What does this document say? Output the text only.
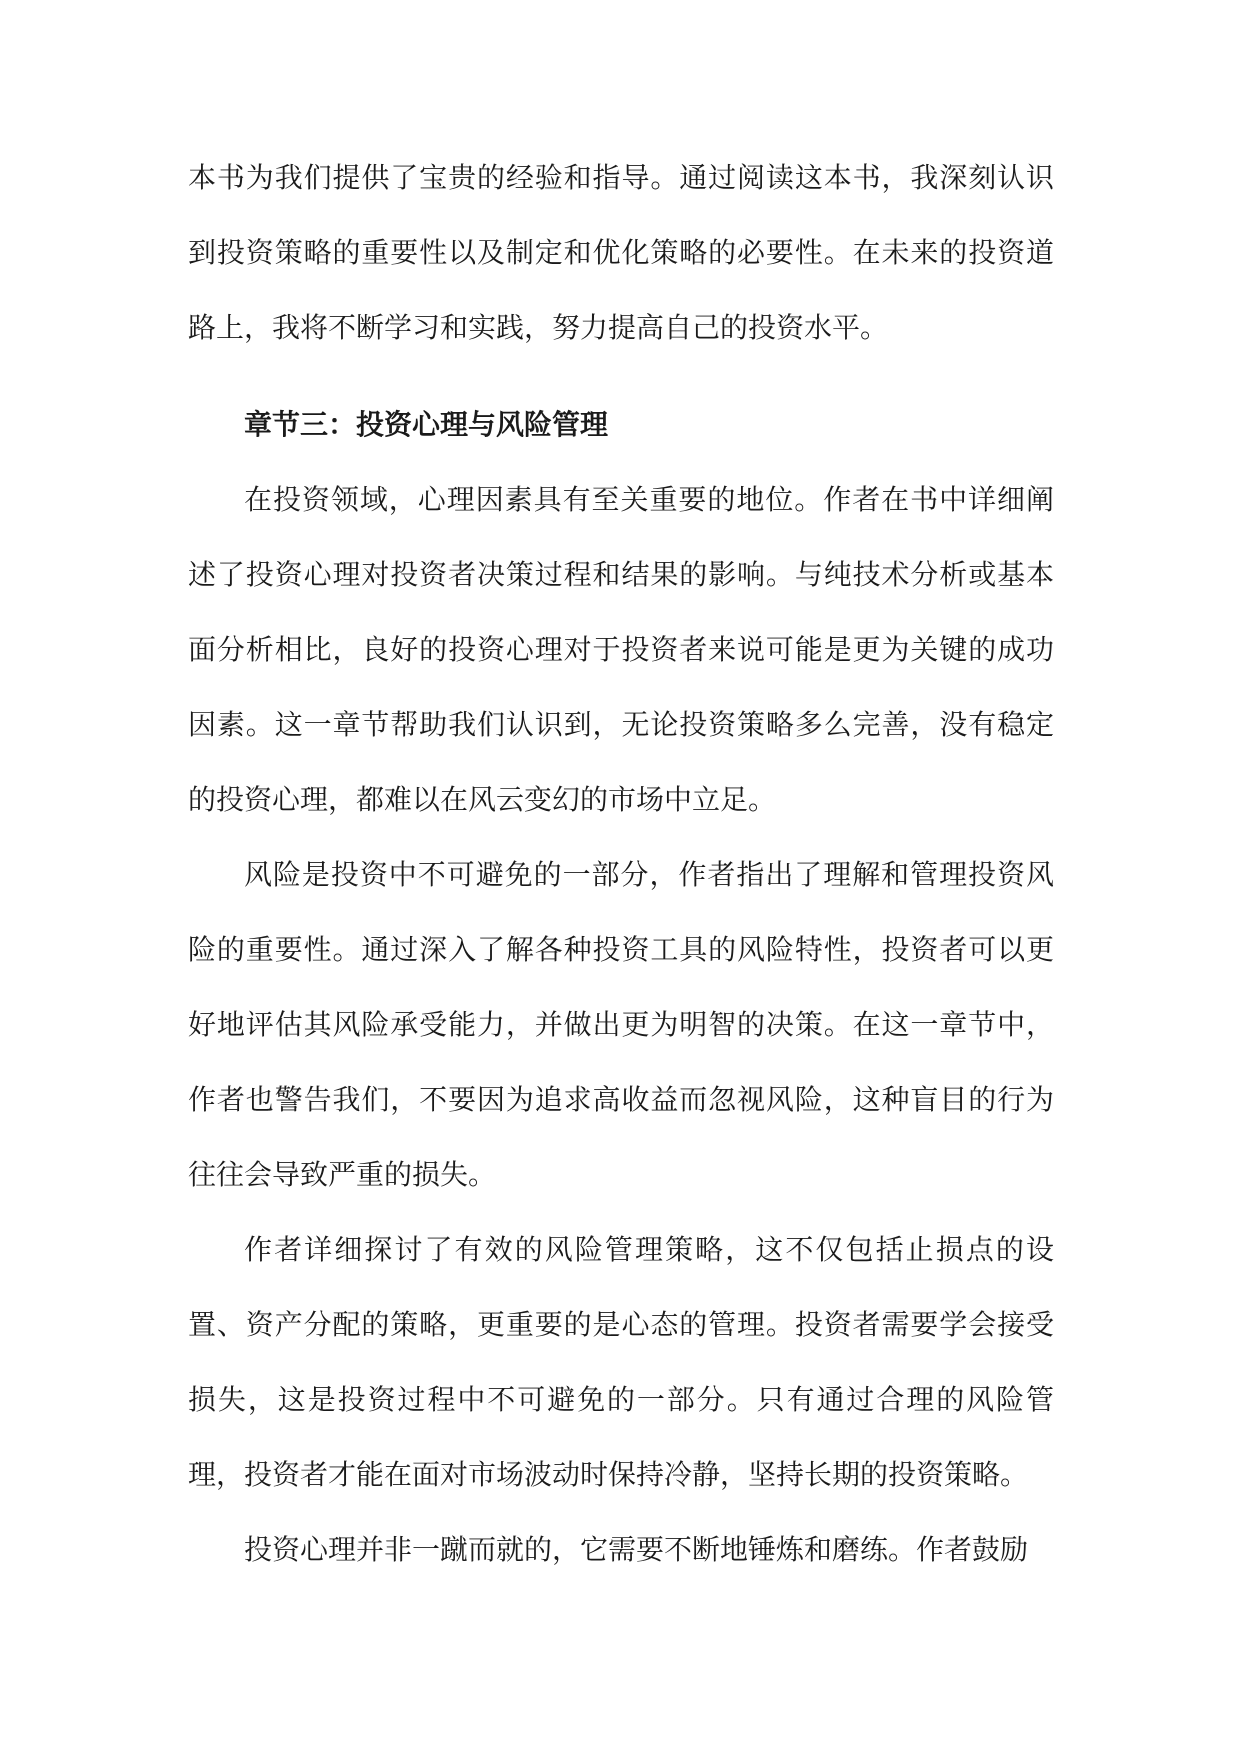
本书为我们提供了宝贵的经验和指导。通过阅读这本书，我深刻认识到投资策略的重要性以及制定和优化策略的必要性。在未来的投资道路上，我将不断学习和实践，努力提高自己的投资水平。

章节三：投资心理与风险管理

在投资领域，心理因素具有至关重要的地位。作者在书中详细阐述了投资心理对投资者决策过程和结果的影响。与纯技术分析或基本面分析相比，良好的投资心理对于投资者来说可能是更为关键的成功因素。这一章节帮助我们认识到，无论投资策略多么完善，没有稳定的投资心理，都难以在风云变幻的市场中立足。

风险是投资中不可避免的一部分，作者指出了理解和管理投资风险的重要性。通过深入了解各种投资工具的风险特性，投资者可以更好地评估其风险承受能力，并做出更为明智的决策。在这一章节中，作者也警告我们，不要因为追求高收益而忽视风险，这种盲目的行为往往会导致严重的损失。

作者详细探讨了有效的风险管理策略，这不仅包括止损点的设置、资产分配的策略，更重要的是心态的管理。投资者需要学会接受损失，这是投资过程中不可避免的一部分。只有通过合理的风险管理，投资者才能在面对市场波动时保持冷静，坚持长期的投资策略。

投资心理并非一蹴而就的，它需要不断地锤炼和磨练。作者鼓励
